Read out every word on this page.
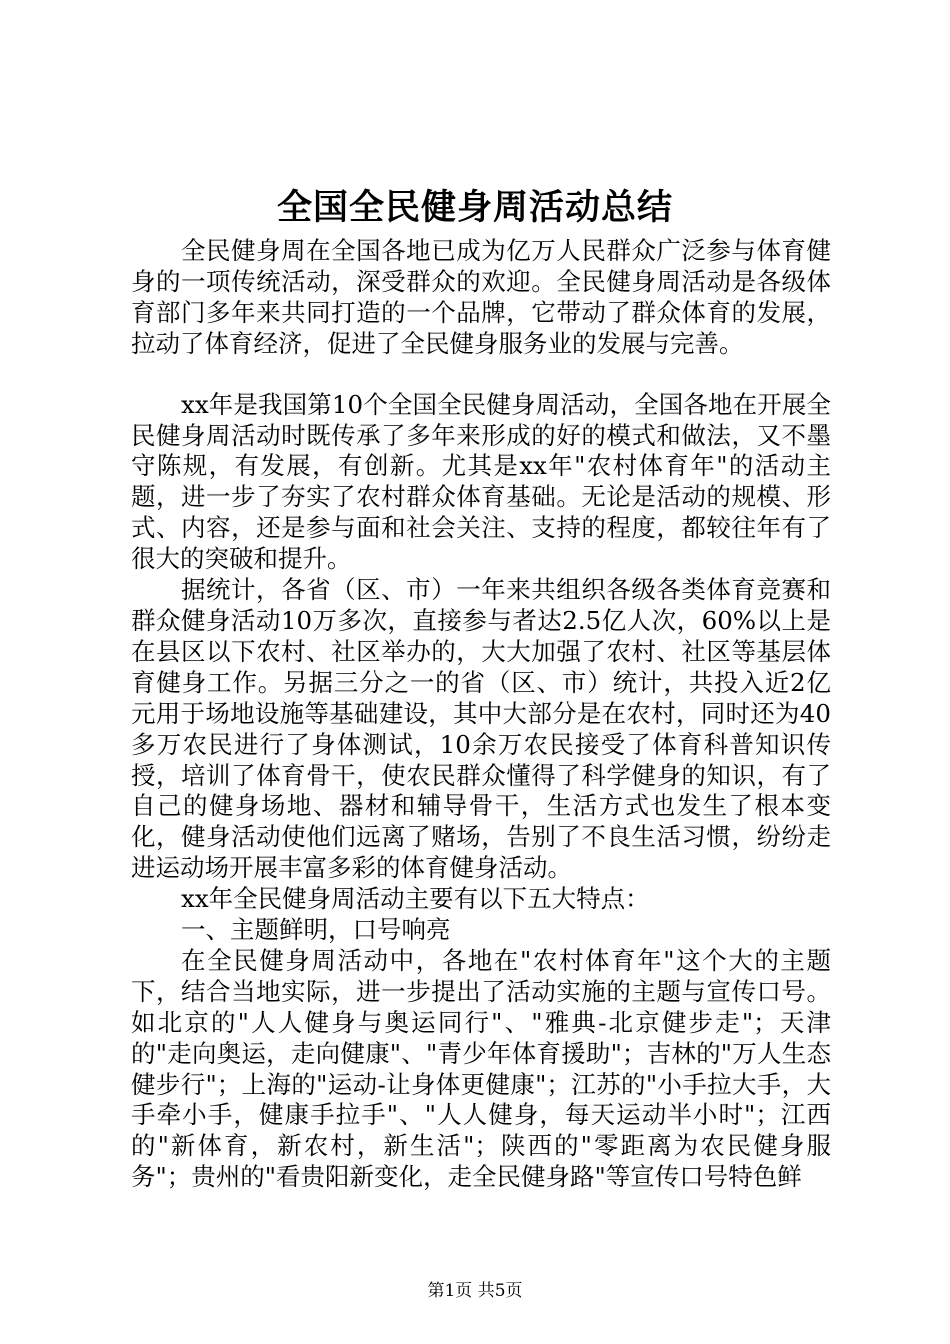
全国全民健身周活动总结

全民健身周在全国各地已成为亿万人民群众广泛参与体育健身的一项传统活动，深受群众的欢迎。全民健身周活动是各级体育部门多年来共同打造的一个品牌，它带动了群众体育的发展，拉动了体育经济，促进了全民健身服务业的发展与完善。

xx年是我国第10个全国全民健身周活动，全国各地在开展全民健身周活动时既传承了多年来形成的好的模式和做法，又不墨守陈规，有发展，有创新。尤其是xx年"农村体育年"的活动主题，进一步了夯实了农村群众体育基础。无论是活动的规模、形式、内容，还是参与面和社会关注、支持的程度，都较往年有了很大的突破和提升。

据统计，各省（区、市）一年来共组织各级各类体育竞赛和群众健身活动10万多次，直接参与者达2.5亿人次，60%以上是在县区以下农村、社区举办的，大大加强了农村、社区等基层体育健身工作。另据三分之一的省（区、市）统计，共投入近2亿元用于场地设施等基础建设，其中大部分是在农村，同时还为40多万农民进行了身体测试，10余万农民接受了体育科普知识传授，培训了体育骨干，使农民群众懂得了科学健身的知识，有了自己的健身场地、器材和辅导骨干，生活方式也发生了根本变化，健身活动使他们远离了赌场，告别了不良生活习惯，纷纷走进运动场开展丰富多彩的体育健身活动。

xx年全民健身周活动主要有以下五大特点：

一、主题鲜明，口号响亮

在全民健身周活动中，各地在"农村体育年"这个大的主题下，结合当地实际，进一步提出了活动实施的主题与宣传口号。如北京的"人人健身与奥运同行"、"雅典-北京健步走"；天津的"走向奥运，走向健康"、"青少年体育援助"；吉林的"万人生态健步行"；上海的"运动-让身体更健康"；江苏的"小手拉大手，大手牵小手，健康手拉手"、"人人健身，每天运动半小时"；江西的"新体育，新农村，新生活"；陕西的"零距离为农民健身服务"；贵州的"看贵阳新变化，走全民健身路"等宣传口号特色鲜

第1页 共5页
